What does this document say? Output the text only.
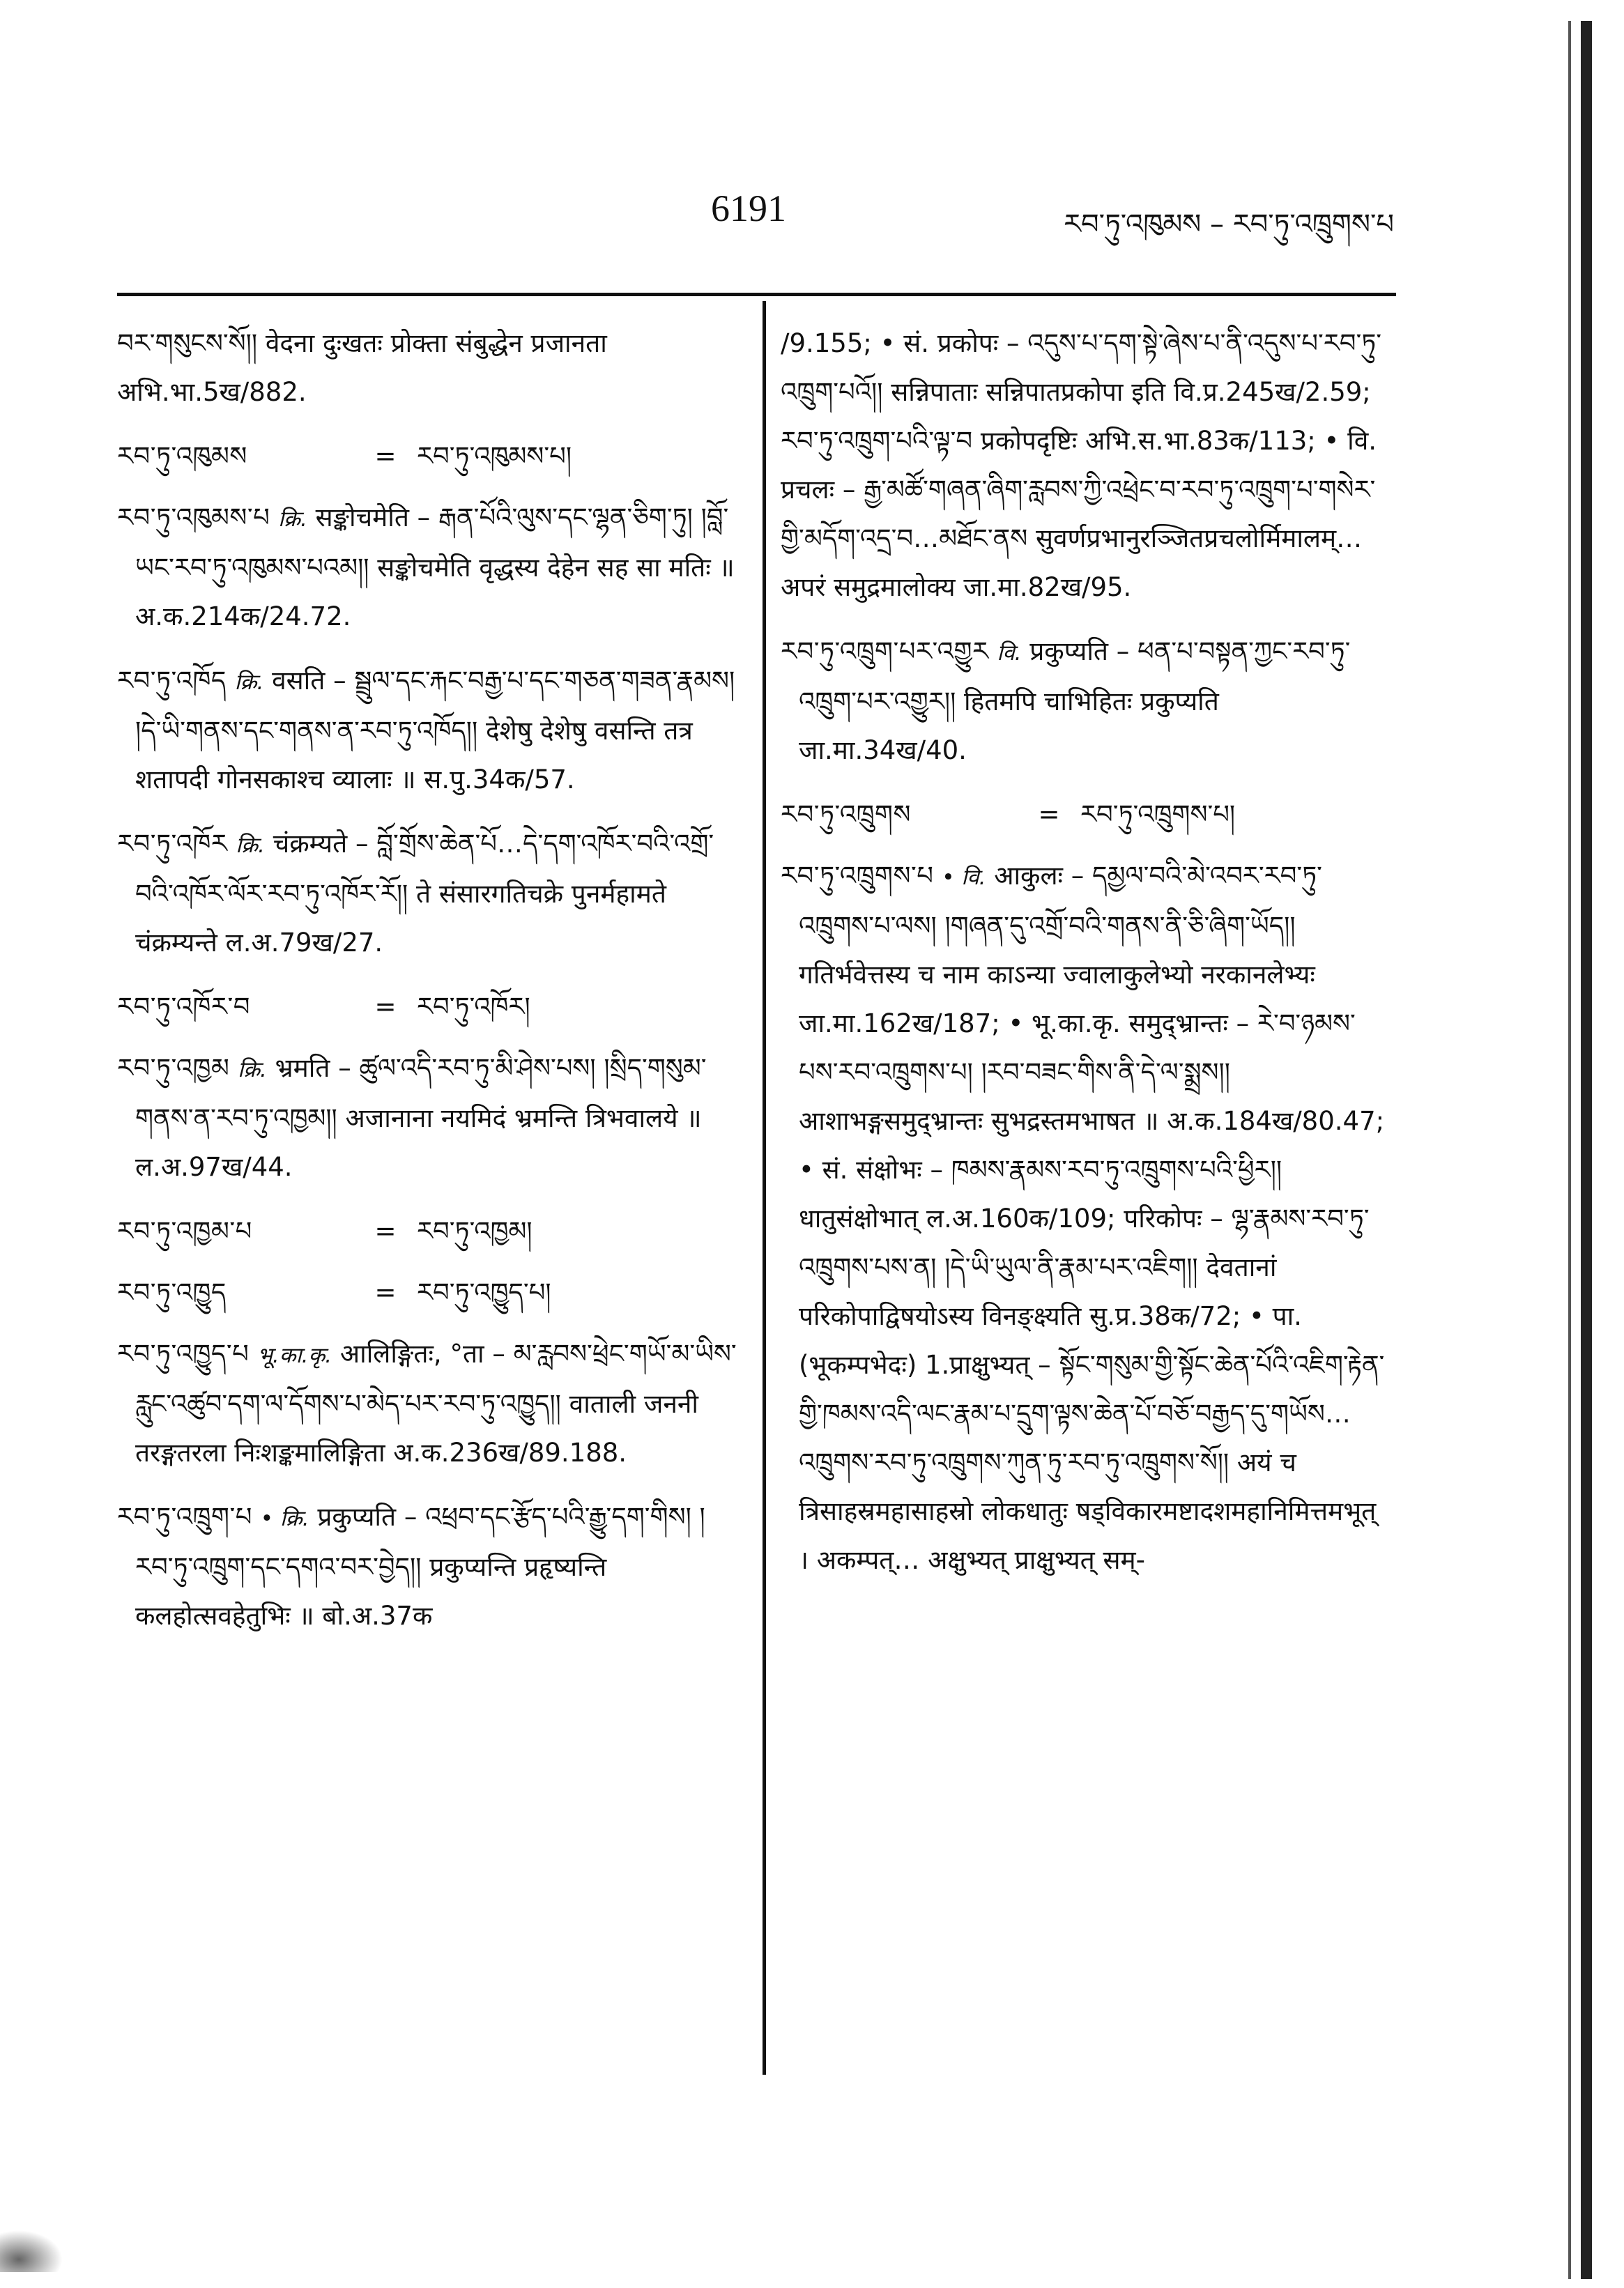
6191	རབ་ཏུ་འཁུམས – རབ་ཏུ་འཁྲུགས་པ

བར་གསུངས་སོ།། वेदना दुःखतः प्रोक्ता संबुद्धेन प्रजानता अभि.भा.5ख/882.

རབ་ཏུ་འཁུམས	= རབ་ཏུ་འཁུམས་པ།

རབ་ཏུ་འཁུམས་པ क्रि. सङ्कोचमेति – རྒན་པོའི་ལུས་དང་ལྷན་ཅིག་ཏུ། །བློ་ཡང་རབ་ཏུ་འཁུམས་པའམ།། सङ्कोचमेति वृद्धस्य देहेन सह सा मतिः ॥ अ.क.214क/24.72.

རབ་ཏུ་འཁོད क्रि. वसति – སྦྲུལ་དང་རྐང་བརྒྱ་པ་དང་གཅན་གཟན་རྣམས། །དེ་ཡི་གནས་དང་གནས་ན་རབ་ཏུ་འཁོད།། देशेषु देशेषु वसन्ति तत्र शतापदी गोनसकाश्च व्यालाः ॥ स.पु.34क/57.

རབ་ཏུ་འཁོར क्रि. चंक्रम्यते – བློ་གྲོས་ཆེན་པོ…དེ་དག་འཁོར་བའི་འགྲོ་བའི་འཁོར་ལོར་རབ་ཏུ་འཁོར་རོ།། ते संसारगतिचक्रे पुनर्महामते चंक्रम्यन्ते ल.अ.79ख/27.

རབ་ཏུ་འཁོར་བ	= རབ་ཏུ་འཁོར།

རབ་ཏུ་འཁྱམ क्रि. भ्रमति – ཚུལ་འདི་རབ་ཏུ་མི་ཤེས་པས། །སྲིད་གསུམ་གནས་ན་རབ་ཏུ་འཁྱམ།། अजानाना नयमिदं भ्रमन्ति त्रिभवालये ॥ ल.अ.97ख/44.

རབ་ཏུ་འཁྱམ་པ	= རབ་ཏུ་འཁྱམ།
རབ་ཏུ་འཁྱུད	= རབ་ཏུ་འཁྱུད་པ།

རབ་ཏུ་འཁྱུད་པ भू.का.कृ. आलिङ्गितः, °ता – མ་རླབས་ཕྲེང་གཡོ་མ་ཡིས་རླུང་འཚུབ་དག་ལ་དོགས་པ་མེད་པར་རབ་ཏུ་འཁྱུད།། वाताली जननी तरङ्गतरला निःशङ्कमालिङ्गिता अ.क.236ख/89.188.

རབ་ཏུ་འཁྲུག་པ • क्रि. प्रकुप्यति – འཕྲབ་དང་རྩོད་པའི་རྒྱུ་དག་གིས། །རབ་ཏུ་འཁྲུག་དང་དགའ་བར་བྱེད།། प्रकुप्यन्ति प्रहृष्यन्ति कलहोत्सवहेतुभिः ॥ बो.अ.37क

/9.155; • सं. प्रकोपः – འདུས་པ་དག་སྟེ་ཞེས་པ་ནི་འདུས་པ་རབ་ཏུ་འཁྲུག་པའོ།། सन्निपाताः सन्निपातप्रकोपा इति वि.प्र.245ख/2.59; རབ་ཏུ་འཁྲུག་པའི་ལྟ་བ प्रकोपदृष्टिः अभि.स.भा.83क/113; • वि. प्रचलः – རྒྱ་མཚོ་གཞན་ཞིག་རླབས་ཀྱི་འཕྲེང་བ་རབ་ཏུ་འཁྲུག་པ་གསེར་གྱི་མདོག་འདྲ་བ…མཐོང་ནས सुवर्णप्रभानुरञ्जितप्रचलोर्मिमालम्…अपरं समुद्रमालोक्य जा.मा.82ख/95.

རབ་ཏུ་འཁྲུག་པར་འགྱུར वि. प्रकुप्यति – ཕན་པ་བསྟན་ཀྱང་རབ་ཏུ་འཁྲུག་པར་འགྱུར།། हितमपि चाभिहितः प्रकुप्यति जा.मा.34ख/40.

རབ་ཏུ་འཁྲུགས	= རབ་ཏུ་འཁྲུགས་པ།

རབ་ཏུ་འཁྲུགས་པ • वि. आकुलः – དམྱལ་བའི་མེ་འབར་རབ་ཏུ་འཁྲུགས་པ་ལས། །གཞན་དུ་འགྲོ་བའི་གནས་ནི་ཅི་ཞིག་ཡོད།། गतिर्भवेत्तस्य च नाम काऽन्या ज्वालाकुलेभ्यो नरकानलेभ्यः जा.मा.162ख/187; • भू.का.कृ. समुद्भ्रान्तः – རེ་བ་ཉམས་པས་རབ་འཁྲུགས་པ། །རབ་བཟང་གིས་ནི་དེ་ལ་སྨྲས།། आशाभङ्गसमुद्भ्रान्तः सुभद्रस्तमभाषत ॥ अ.क.184ख/80.47; • सं. संक्षोभः – ཁམས་རྣམས་རབ་ཏུ་འཁྲུགས་པའི་ཕྱིར།། धातुसंक्षोभात् ल.अ.160क/109; परिकोपः – ལྷ་རྣམས་རབ་ཏུ་འཁྲུགས་པས་ན། །དེ་ཡི་ཡུལ་ནི་རྣམ་པར་འཇིག།། देवतानां परिकोपाद्विषयोऽस्य विनङ्क्ष्यति सु.प्र.38क/72; • पा. (भूकम्पभेदः) 1.प्राक्षुभ्यत् – སྟོང་གསུམ་གྱི་སྟོང་ཆེན་པོའི་འཇིག་རྟེན་གྱི་ཁམས་འདི་ལང་རྣམ་པ་དྲུག་ལྟས་ཆེན་པོ་བཅོ་བརྒྱད་དུ་གཡོས…འཁྲུགས་རབ་ཏུ་འཁྲུགས་ཀུན་ཏུ་རབ་ཏུ་འཁྲུགས་སོ།། अयं च त्रिसाहस्रमहासाहस्रो लोकधातुः षड्विकारमष्टादशमहानिमित्तमभूत् । अकम्पत्… अक्षुभ्यत् प्राक्षुभ्यत् सम्-
